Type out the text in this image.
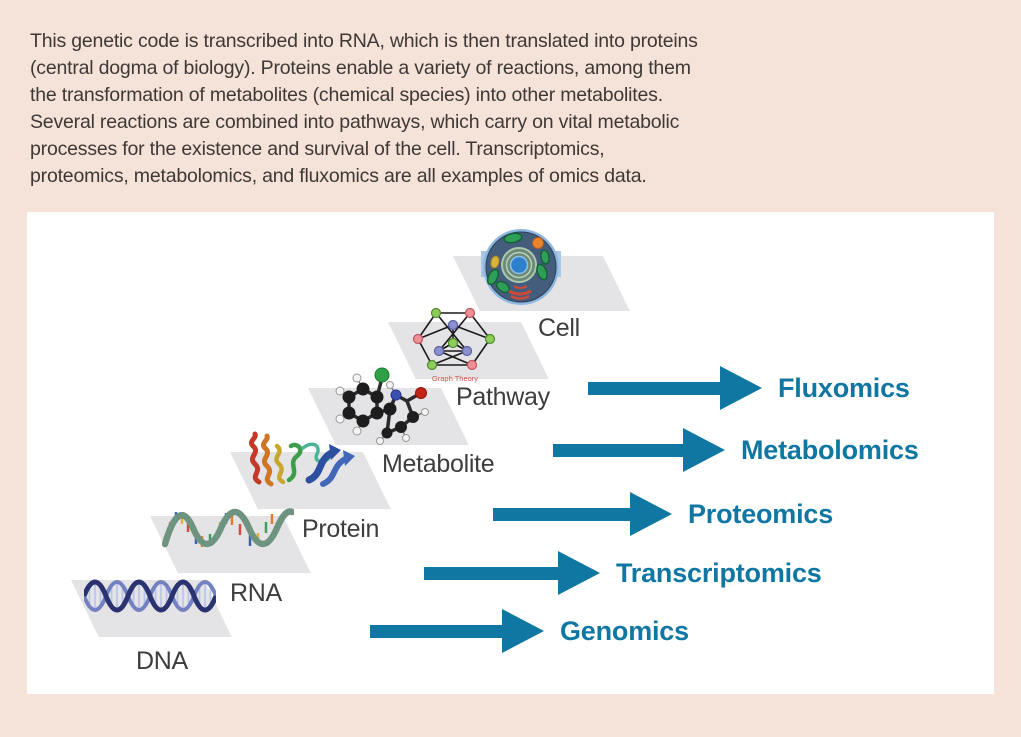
This genetic code is transcribed into RNA, which is then translated into proteins
(central dogma of biology). Proteins enable a variety of reactions, among them
the transformation of metabolites (chemical species) into other metabolites.
Several reactions are combined into pathways, which carry on vital metabolic
processes for the existence and survival of the cell. Transcriptomics,
proteomics, metabolomics, and fluxomics are all examples of omics data.
Graph Theory
DNA
RNA
Protein
Metabolite
Pathway
Cell
Genomics
Transcriptomics
Proteomics
Metabolomics
Fluxomics
